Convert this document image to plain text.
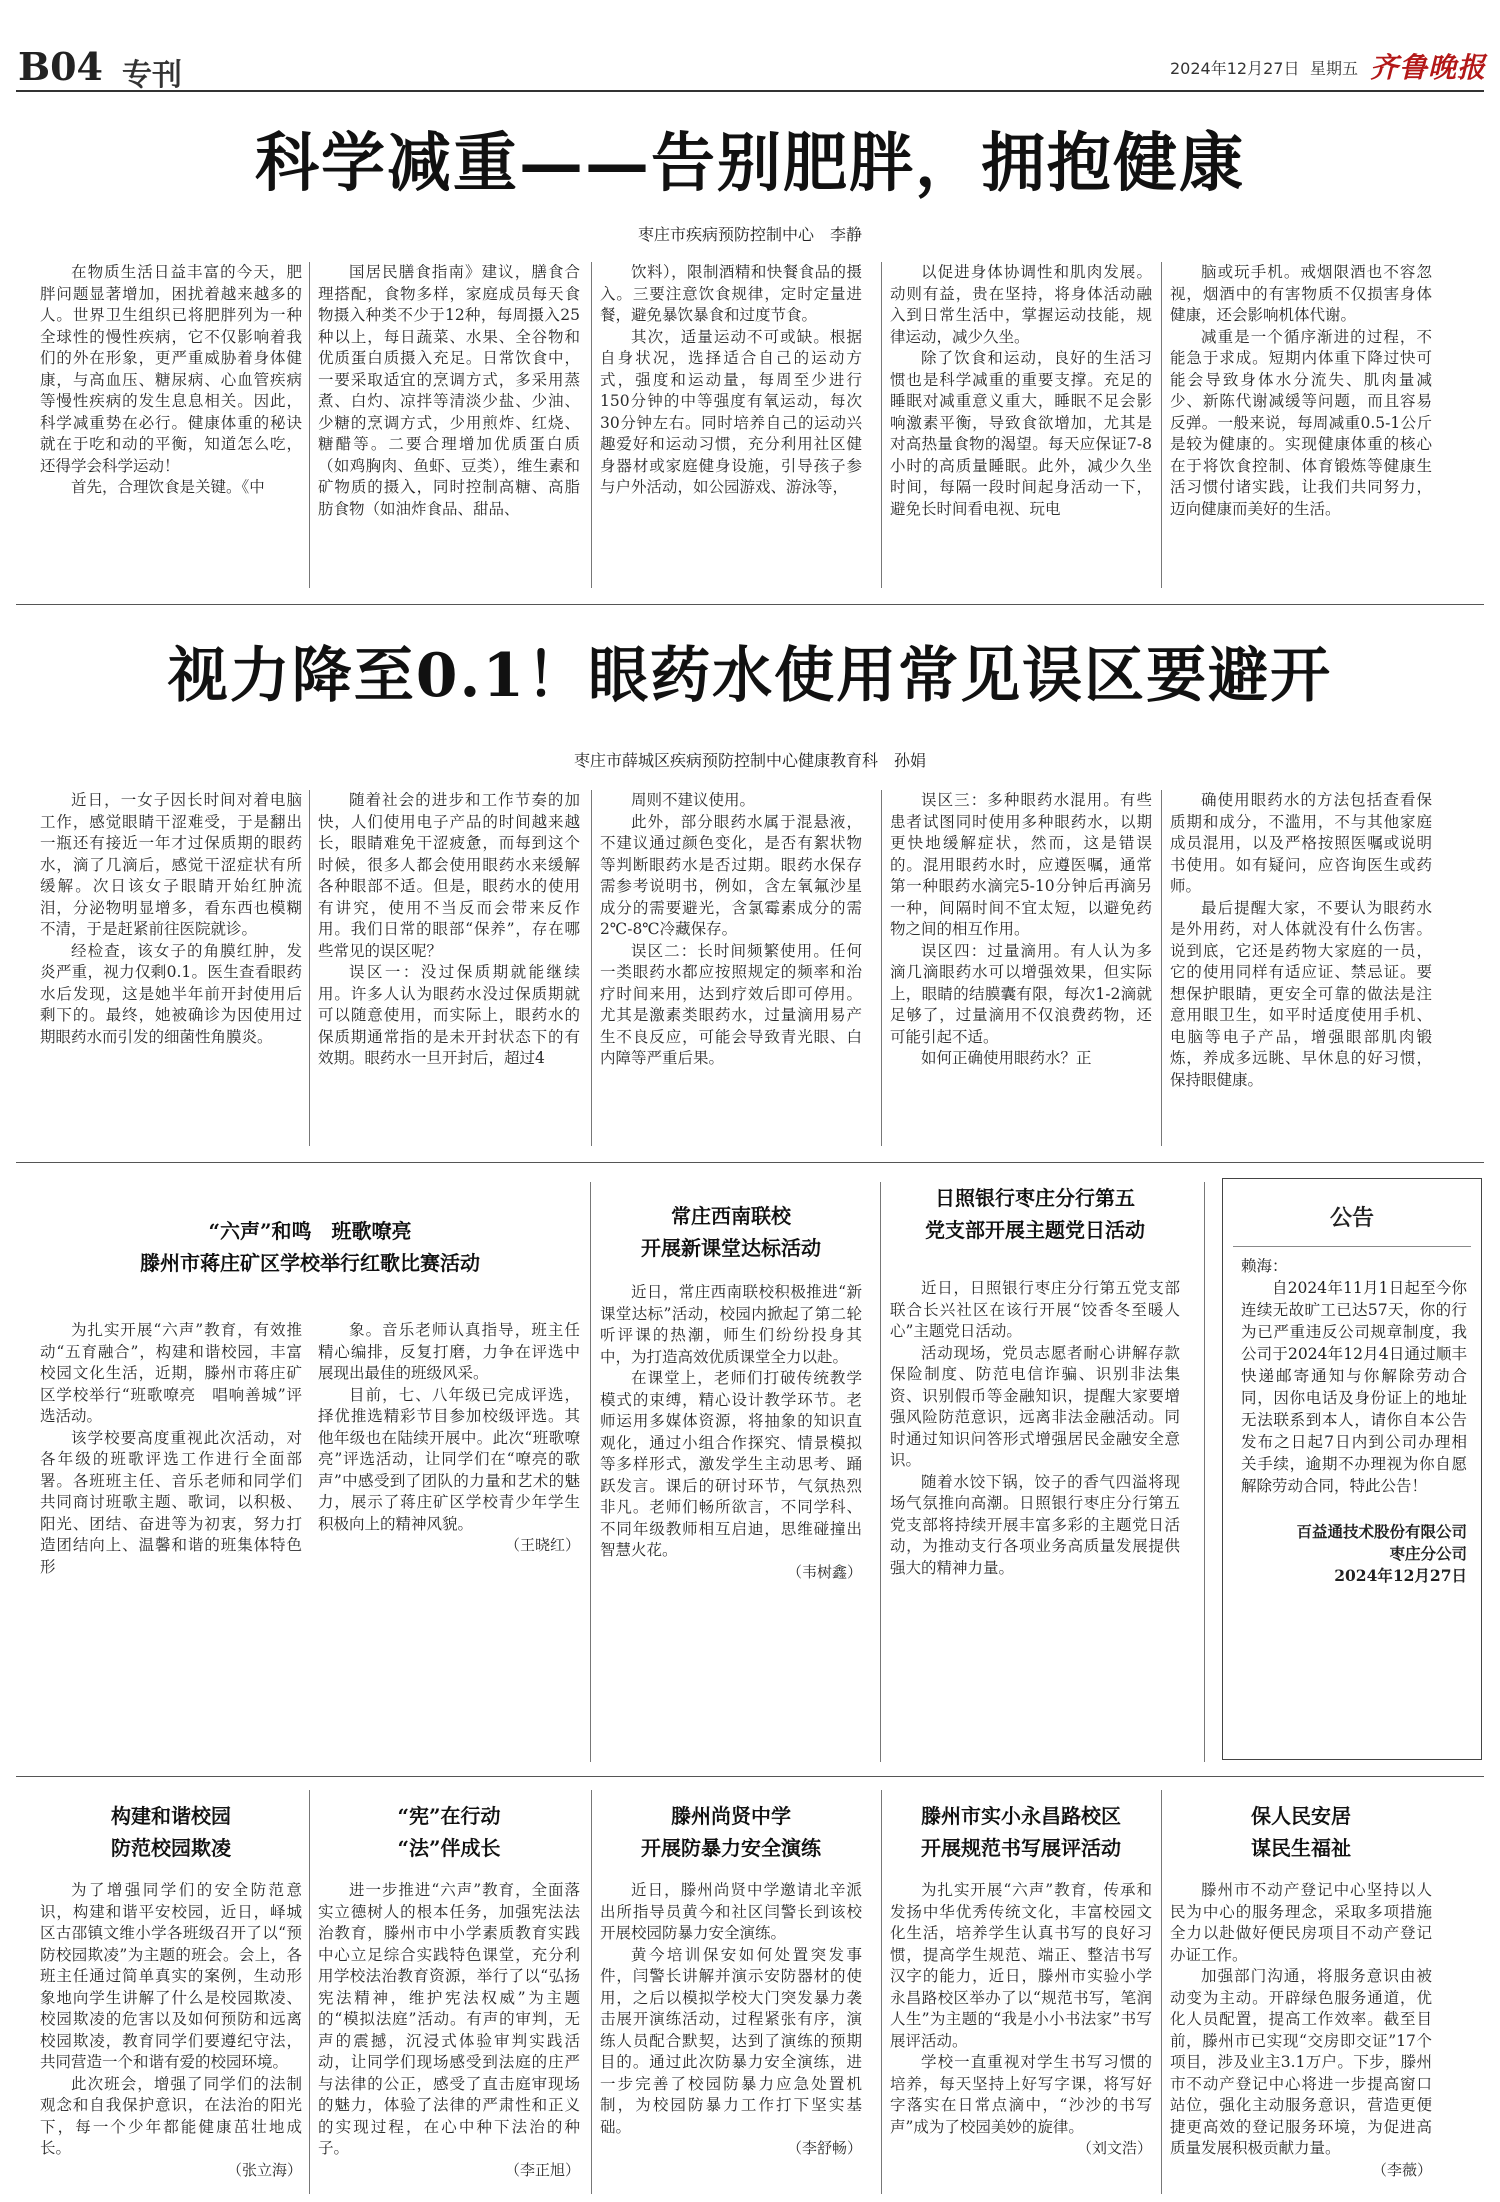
B04 专刊	2024年12月27日 星期五 齐鲁晚报
科学减重——告别肥胖，拥抱健康
枣庄市疾病预防控制中心　李静

在物质生活日益丰富的今天，肥胖问题显著增加，困扰着越来越多的人。世界卫生组织已将肥胖列为一种全球性的慢性疾病，它不仅影响着我们的外在形象，更严重威胁着身体健康，与高血压、糖尿病、心血管疾病等慢性疾病的发生息息相关。因此，科学减重势在必行。健康体重的秘诀就在于吃和动的平衡，知道怎么吃，还得学会科学运动！

首先，合理饮食是关键。《中

国居民膳食指南》建议，膳食合理搭配，食物多样，家庭成员每天食物摄入种类不少于12种，每周摄入25种以上，每日蔬菜、水果、全谷物和优质蛋白质摄入充足。日常饮食中，一要采取适宜的烹调方式，多采用蒸煮、白灼、凉拌等清淡少盐、少油、少糖的烹调方式，少用煎炸、红烧、糖醋等。二要合理增加优质蛋白质（如鸡胸肉、鱼虾、豆类），维生素和矿物质的摄入，同时控制高糖、高脂肪食物（如油炸食品、甜品、

饮料），限制酒精和快餐食品的摄入。三要注意饮食规律，定时定量进餐，避免暴饮暴食和过度节食。

其次，适量运动不可或缺。根据自身状况，选择适合自己的运动方式，强度和运动量，每周至少进行150分钟的中等强度有氧运动，每次30分钟左右。同时培养自己的运动兴趣爱好和运动习惯，充分利用社区健身器材或家庭健身设施，引导孩子参与户外活动，如公园游戏、游泳等，

以促进身体协调性和肌肉发展。动则有益，贵在坚持，将身体活动融入到日常生活中，掌握运动技能，规律运动，减少久坐。

除了饮食和运动，良好的生活习惯也是科学减重的重要支撑。充足的睡眠对减重意义重大，睡眠不足会影响激素平衡，导致食欲增加，尤其是对高热量食物的渴望。每天应保证7-8小时的高质量睡眠。此外，减少久坐时间，每隔一段时间起身活动一下，避免长时间看电视、玩电

脑或玩手机。戒烟限酒也不容忽视，烟酒中的有害物质不仅损害身体健康，还会影响机体代谢。

减重是一个循序渐进的过程，不能急于求成。短期内体重下降过快可能会导致身体水分流失、肌肉量减少、新陈代谢减缓等问题，而且容易反弹。一般来说，每周减重0.5-1公斤是较为健康的。实现健康体重的核心在于将饮食控制、体育锻炼等健康生活习惯付诸实践，让我们共同努力，迈向健康而美好的生活。

视力降至0.1！眼药水使用常见误区要避开
枣庄市薛城区疾病预防控制中心健康教育科　孙娟

近日，一女子因长时间对着电脑工作，感觉眼睛干涩难受，于是翻出一瓶还有接近一年才过保质期的眼药水，滴了几滴后，感觉干涩症状有所缓解。次日该女子眼睛开始红肿流泪，分泌物明显增多，看东西也模糊不清，于是赶紧前往医院就诊。

经检查，该女子的角膜红肿，发炎严重，视力仅剩0.1。医生查看眼药水后发现，这是她半年前开封使用后剩下的。最终，她被确诊为因使用过期眼药水而引发的细菌性角膜炎。

随着社会的进步和工作节奏的加快，人们使用电子产品的时间越来越长，眼睛难免干涩疲惫，而每到这个时候，很多人都会使用眼药水来缓解各种眼部不适。但是，眼药水的使用有讲究，使用不当反而会带来反作用。我们日常的眼部“保养”，存在哪些常见的误区呢？

误区一：没过保质期就能继续用。许多人认为眼药水没过保质期就可以随意使用，而实际上，眼药水的保质期通常指的是未开封状态下的有效期。眼药水一旦开封后，超过4

周则不建议使用。

此外，部分眼药水属于混悬液，不建议通过颜色变化，是否有絮状物等判断眼药水是否过期。眼药水保存需参考说明书，例如，含左氧氟沙星成分的需要避光，含氯霉素成分的需2℃-8℃冷藏保存。

误区二：长时间频繁使用。任何一类眼药水都应按照规定的频率和治疗时间来用，达到疗效后即可停用。尤其是激素类眼药水，过量滴用易产生不良反应，可能会导致青光眼、白内障等严重后果。

误区三：多种眼药水混用。有些患者试图同时使用多种眼药水，以期更快地缓解症状，然而，这是错误的。混用眼药水时，应遵医嘱，通常第一种眼药水滴完5-10分钟后再滴另一种，间隔时间不宜太短，以避免药物之间的相互作用。

误区四：过量滴用。有人认为多滴几滴眼药水可以增强效果，但实际上，眼睛的结膜囊有限，每次1-2滴就足够了，过量滴用不仅浪费药物，还可能引起不适。

如何正确使用眼药水？正

确使用眼药水的方法包括查看保质期和成分，不滥用，不与其他家庭成员混用，以及严格按照医嘱或说明书使用。如有疑问，应咨询医生或药师。

最后提醒大家，不要认为眼药水是外用药，对人体就没有什么伤害。说到底，它还是药物大家庭的一员，它的使用同样有适应证、禁忌证。要想保护眼睛，更安全可靠的做法是注意用眼卫生，如平时适度使用手机、电脑等电子产品，增强眼部肌肉锻炼，养成多远眺、早休息的好习惯，保持眼健康。

“六声”和鸣　班歌嘹亮
滕州市蒋庄矿区学校举行红歌比赛活动

为扎实开展“六声”教育，有效推动“五育融合”，构建和谐校园，丰富校园文化生活，近期，滕州市蒋庄矿区学校举行“班歌嘹亮　唱响善城”评选活动。

该学校要高度重视此次活动，对各年级的班歌评选工作进行全面部署。各班班主任、音乐老师和同学们共同商讨班歌主题、歌词，以积极、阳光、团结、奋进等为初衷，努力打造团结向上、温馨和谐的班集体特色形

象。音乐老师认真指导，班主任精心编排，反复打磨，力争在评选中展现出最佳的班级风采。

目前，七、八年级已完成评选，择优推选精彩节目参加校级评选。其他年级也在陆续开展中。此次“班歌嘹亮”评选活动，让同学们在“嘹亮的歌声”中感受到了团队的力量和艺术的魅力，展示了蒋庄矿区学校青少年学生积极向上的精神风貌。

（王晓红）
常庄西南联校
开展新课堂达标活动

近日，常庄西南联校积极推进“新课堂达标”活动，校园内掀起了第二轮听评课的热潮，师生们纷纷投身其中，为打造高效优质课堂全力以赴。

在课堂上，老师们打破传统教学模式的束缚，精心设计教学环节。老师运用多媒体资源，将抽象的知识直观化，通过小组合作探究、情景模拟等多样形式，激发学生主动思考、踊跃发言。课后的研讨环节，气氛热烈非凡。老师们畅所欲言，不同学科、不同年级教师相互启迪，思维碰撞出智慧火花。

（韦树鑫）
日照银行枣庄分行第五
党支部开展主题党日活动

近日，日照银行枣庄分行第五党支部联合长兴社区在该行开展“饺香冬至暖人心”主题党日活动。

活动现场，党员志愿者耐心讲解存款保险制度、防范电信诈骗、识别非法集资、识别假币等金融知识，提醒大家要增强风险防范意识，远离非法金融活动。同时通过知识问答形式增强居民金融安全意识。

随着水饺下锅，饺子的香气四溢将现场气氛推向高潮。日照银行枣庄分行第五党支部将持续开展丰富多彩的主题党日活动，为推动支行各项业务高质量发展提供强大的精神力量。

公告
赖海：
自2024年11月1日起至今你连续无故旷工已达57天，你的行为已严重违反公司规章制度，我公司于2024年12月4日通过顺丰快递邮寄通知与你解除劳动合同，因你电话及身份证上的地址无法联系到本人，请你自本公告发布之日起7日内到公司办理相关手续，逾期不办理视为你自愿解除劳动合同，特此公告！
百益通技术股份有限公司
枣庄分公司
2024年12月27日
构建和谐校园
防范校园欺凌

为了增强同学们的安全防范意识，构建和谐平安校园，近日，峄城区古邵镇文维小学各班级召开了以“预防校园欺凌”为主题的班会。会上，各班主任通过简单真实的案例，生动形象地向学生讲解了什么是校园欺凌、校园欺凌的危害以及如何预防和远离校园欺凌，教育同学们要遵纪守法，共同营造一个和谐有爱的校园环境。

此次班会，增强了同学们的法制观念和自我保护意识，在法治的阳光下，每一个少年都能健康茁壮地成长。

（张立海）
“宪”在行动
“法”伴成长

进一步推进“六声”教育，全面落实立德树人的根本任务，加强宪法法治教育，滕州市中小学素质教育实践中心立足综合实践特色课堂，充分利用学校法治教育资源，举行了以“弘扬宪法精神，维护宪法权威”为主题的“模拟法庭”活动。有声的审判，无声的震撼，沉浸式体验审判实践活动，让同学们现场感受到法庭的庄严与法律的公正，感受了直击庭审现场的魅力，体验了法律的严肃性和正义的实现过程，在心中种下法治的种子。

（李正旭）
滕州尚贤中学
开展防暴力安全演练

近日，滕州尚贤中学邀请北辛派出所指导员黄今和社区闫警长到该校开展校园防暴力安全演练。

黄今培训保安如何处置突发事件，闫警长讲解并演示安防器材的使用，之后以模拟学校大门突发暴力袭击展开演练活动，过程紧张有序，演练人员配合默契，达到了演练的预期目的。通过此次防暴力安全演练，进一步完善了校园防暴力应急处置机制，为校园防暴力工作打下坚实基础。

（李舒畅）
滕州市实小永昌路校区
开展规范书写展评活动

为扎实开展“六声”教育，传承和发扬中华优秀传统文化，丰富校园文化生活，培养学生认真书写的良好习惯，提高学生规范、端正、整洁书写汉字的能力，近日，滕州市实验小学永昌路校区举办了以“规范书写，笔润人生”为主题的“我是小小书法家”书写展评活动。

学校一直重视对学生书写习惯的培养，每天坚持上好写字课，将写好字落实在日常点滴中，“沙沙的书写声”成为了校园美妙的旋律。

（刘文浩）
保人民安居
谋民生福祉

滕州市不动产登记中心坚持以人民为中心的服务理念，采取多项措施全力以赴做好便民房项目不动产登记办证工作。

加强部门沟通，将服务意识由被动变为主动。开辟绿色服务通道，优化人员配置，提高工作效率。截至目前，滕州市已实现“交房即交证”17个项目，涉及业主3.1万户。下步，滕州市不动产登记中心将进一步提高窗口站位，强化主动服务意识，营造更便捷更高效的登记服务环境，为促进高质量发展积极贡献力量。

（李薇）
